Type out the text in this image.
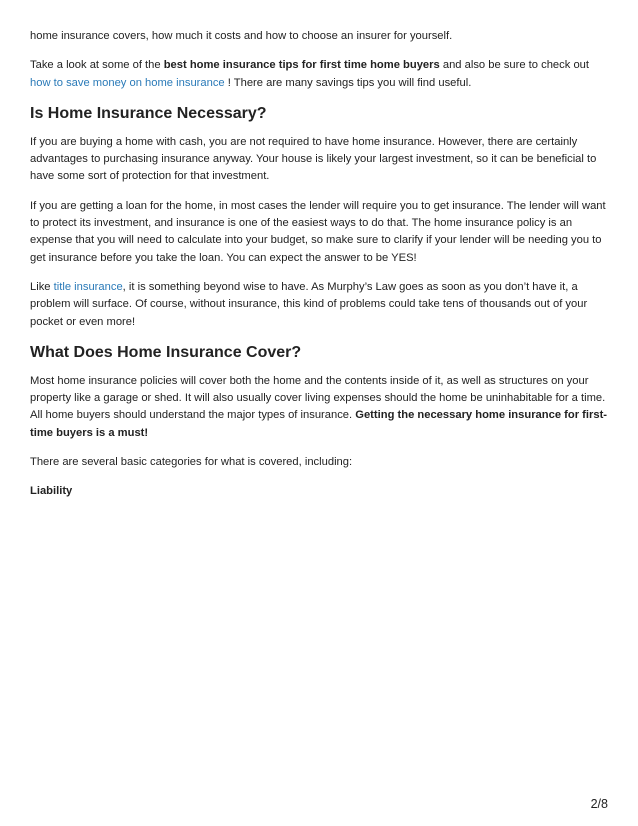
home insurance covers, how much it costs and how to choose an insurer for yourself.

Take a look at some of the best home insurance tips for first time home buyers and also be sure to check out how to save money on home insurance ! There are many savings tips you will find useful.

Is Home Insurance Necessary?

If you are buying a home with cash, you are not required to have home insurance. However, there are certainly advantages to purchasing insurance anyway. Your house is likely your largest investment, so it can be beneficial to have some sort of protection for that investment.

If you are getting a loan for the home, in most cases the lender will require you to get insurance. The lender will want to protect its investment, and insurance is one of the easiest ways to do that. The home insurance policy is an expense that you will need to calculate into your budget, so make sure to clarify if your lender will be needing you to get insurance before you take the loan. You can expect the answer to be YES!

Like title insurance, it is something beyond wise to have. As Murphy’s Law goes as soon as you don’t have it, a problem will surface. Of course, without insurance, this kind of problems could take tens of thousands out of your pocket or even more!

What Does Home Insurance Cover?

Most home insurance policies will cover both the home and the contents inside of it, as well as structures on your property like a garage or shed. It will also usually cover living expenses should the home be uninhabitable for a time. All home buyers should understand the major types of insurance. Getting the necessary home insurance for first- time buyers is a must!

There are several basic categories for what is covered, including:

Liability

2/8
